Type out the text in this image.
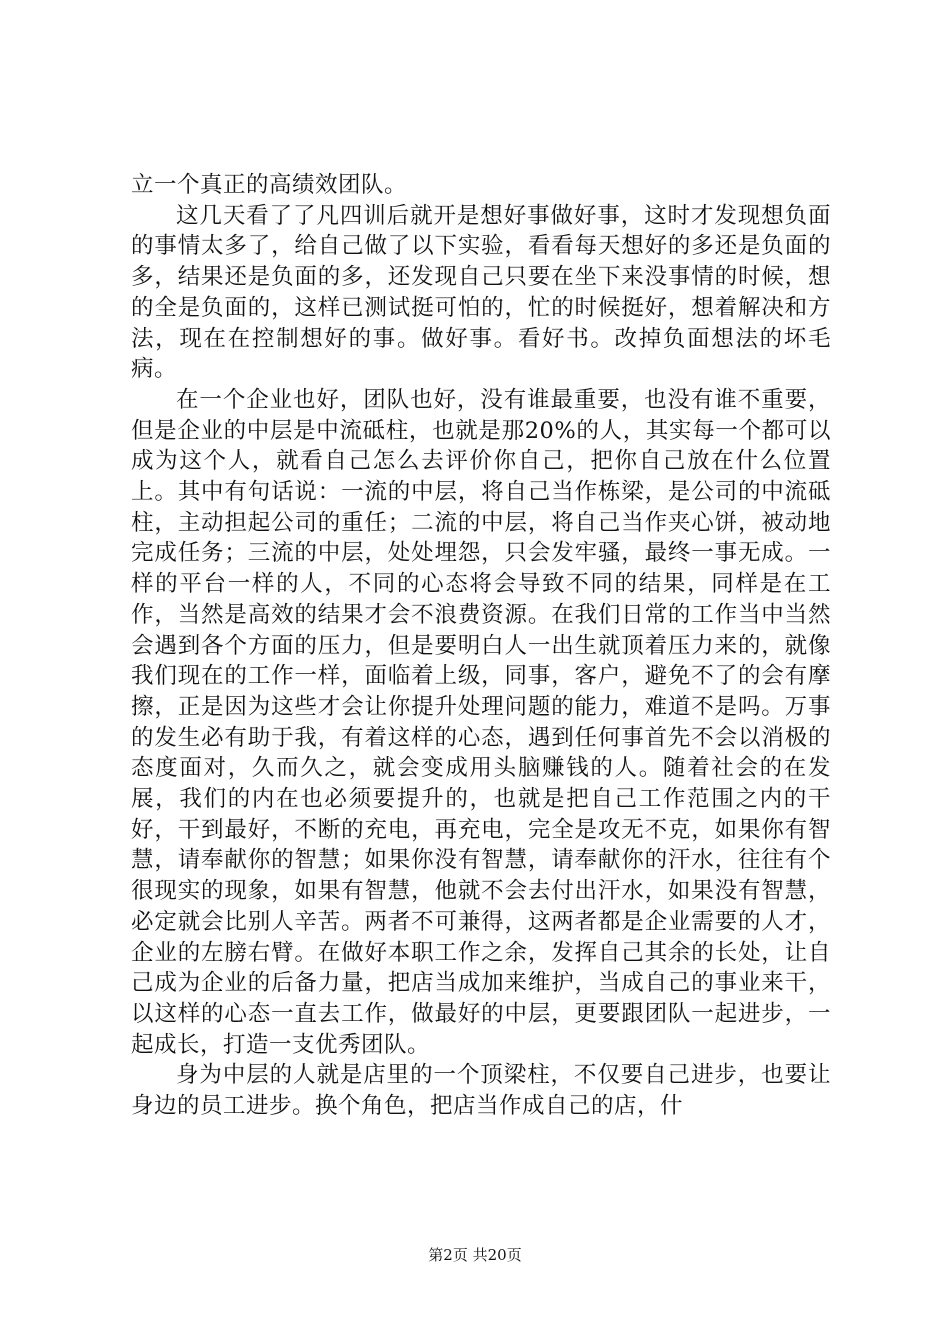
立一个真正的高绩效团队。

这几天看了了凡四训后就开是想好事做好事，这时才发现想负面的事情太多了，给自己做了以下实验，看看每天想好的多还是负面的多，结果还是负面的多，还发现自己只要在坐下来没事情的时候，想的全是负面的，这样已测试挺可怕的，忙的时候挺好，想着解决和方法，现在在控制想好的事。做好事。看好书。改掉负面想法的坏毛病。

在一个企业也好，团队也好，没有谁最重要，也没有谁不重要，但是企业的中层是中流砥柱，也就是那20%的人，其实每一个都可以成为这个人，就看自己怎么去评价你自己，把你自己放在什么位置上。其中有句话说：一流的中层，将自己当作栋梁，是公司的中流砥柱，主动担起公司的重任；二流的中层，将自己当作夹心饼，被动地完成任务；三流的中层，处处埋怨，只会发牢骚，最终一事无成。一样的平台一样的人，不同的心态将会导致不同的结果，同样是在工作，当然是高效的结果才会不浪费资源。在我们日常的工作当中当然会遇到各个方面的压力，但是要明白人一出生就顶着压力来的，就像我们现在的工作一样，面临着上级，同事，客户，避免不了的会有摩擦，正是因为这些才会让你提升处理问题的能力，难道不是吗。万事的发生必有助于我，有着这样的心态，遇到任何事首先不会以消极的态度面对，久而久之，就会变成用头脑赚钱的人。随着社会的在发展，我们的内在也必须要提升的，也就是把自己工作范围之内的干好，干到最好，不断的充电，再充电，完全是攻无不克，如果你有智慧，请奉献你的智慧；如果你没有智慧，请奉献你的汗水，往往有个很现实的现象，如果有智慧，他就不会去付出汗水，如果没有智慧，必定就会比别人辛苦。两者不可兼得，这两者都是企业需要的人才，企业的左膀右臂。在做好本职工作之余，发挥自己其余的长处，让自己成为企业的后备力量，把店当成加来维护，当成自己的事业来干，以这样的心态一直去工作，做最好的中层，更要跟团队一起进步，一起成长，打造一支优秀团队。

身为中层的人就是店里的一个顶梁柱，不仅要自己进步，也要让身边的员工进步。换个角色，把店当作成自己的店，什

第2页 共20页
